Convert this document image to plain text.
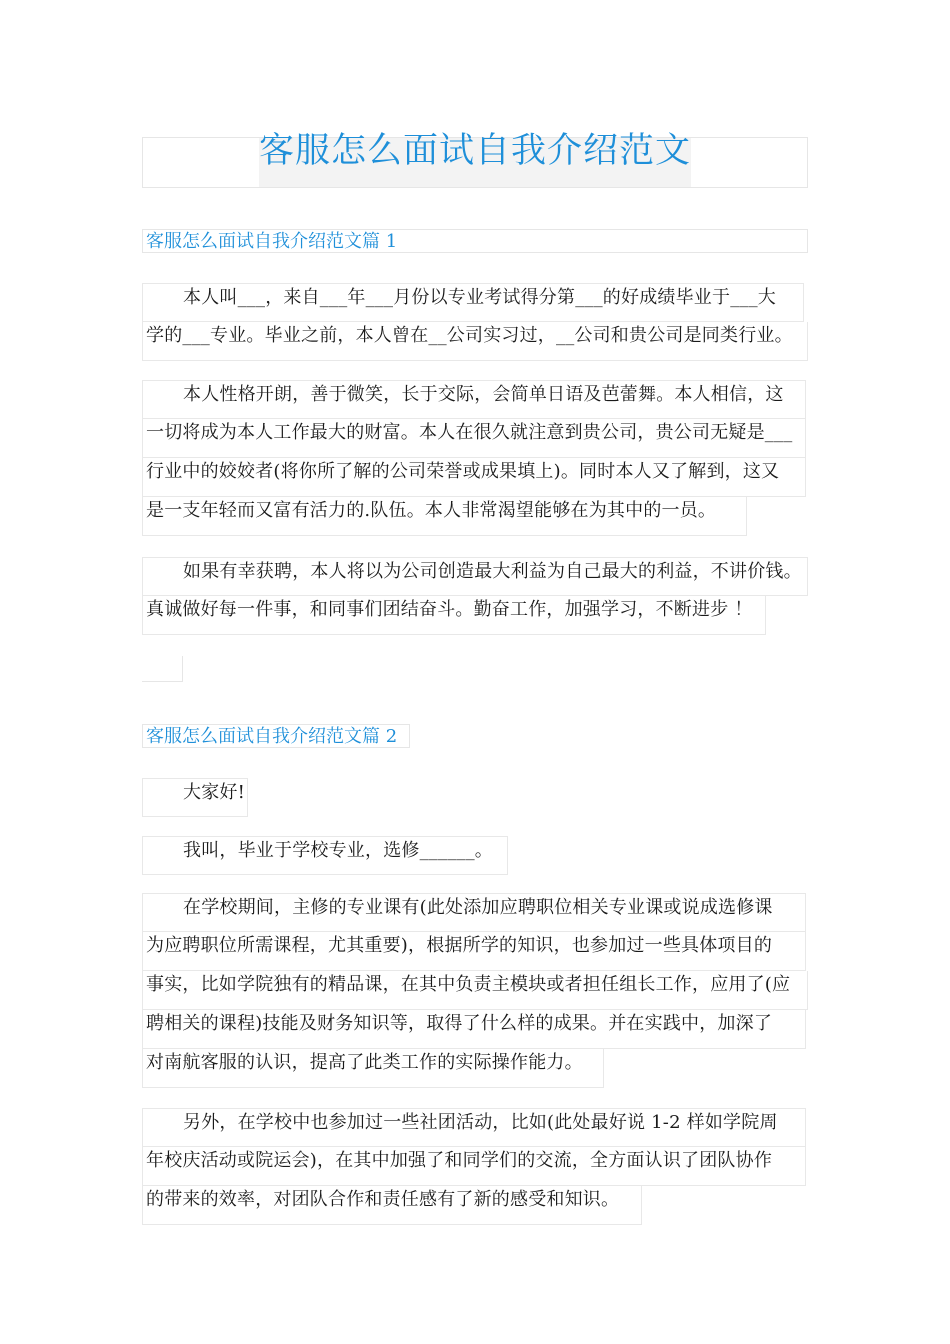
客服怎么面试自我介绍范文
客服怎么面试自我介绍范文篇 1
本人叫___，来自___年___月份以专业考试得分第___的好成绩毕业于___大
学的___专业。毕业之前，本人曾在__公司实习过，__公司和贵公司是同类行业。
本人性格开朗，善于微笑，长于交际，会简单日语及芭蕾舞。本人相信，这
一切将成为本人工作最大的财富。本人在很久就注意到贵公司，贵公司无疑是___
行业中的姣姣者(将你所了解的公司荣誉或成果填上)。同时本人又了解到，这又
是一支年轻而又富有活力的.队伍。本人非常渴望能够在为其中的一员。
如果有幸获聘，本人将以为公司创造最大利益为自己最大的利益，不讲价钱。
真诚做好每一件事，和同事们团结奋斗。勤奋工作，加强学习，不断进步 ！
客服怎么面试自我介绍范文篇 2
大家好!
我叫，毕业于学校专业，选修______。
在学校期间，主修的专业课有(此处添加应聘职位相关专业课或说成选修课
为应聘职位所需课程，尤其重要)，根据所学的知识，也参加过一些具体项目的
事实，比如学院独有的精品课，在其中负责主模块或者担任组长工作，应用了(应
聘相关的课程)技能及财务知识等，取得了什么样的成果。并在实践中，加深了
对南航客服的认识，提高了此类工作的实际操作能力。
另外，在学校中也参加过一些社团活动，比如(此处最好说 1-2 样如学院周
年校庆活动或院运会)，在其中加强了和同学们的交流，全方面认识了团队协作
的带来的效率，对团队合作和责任感有了新的感受和知识。
